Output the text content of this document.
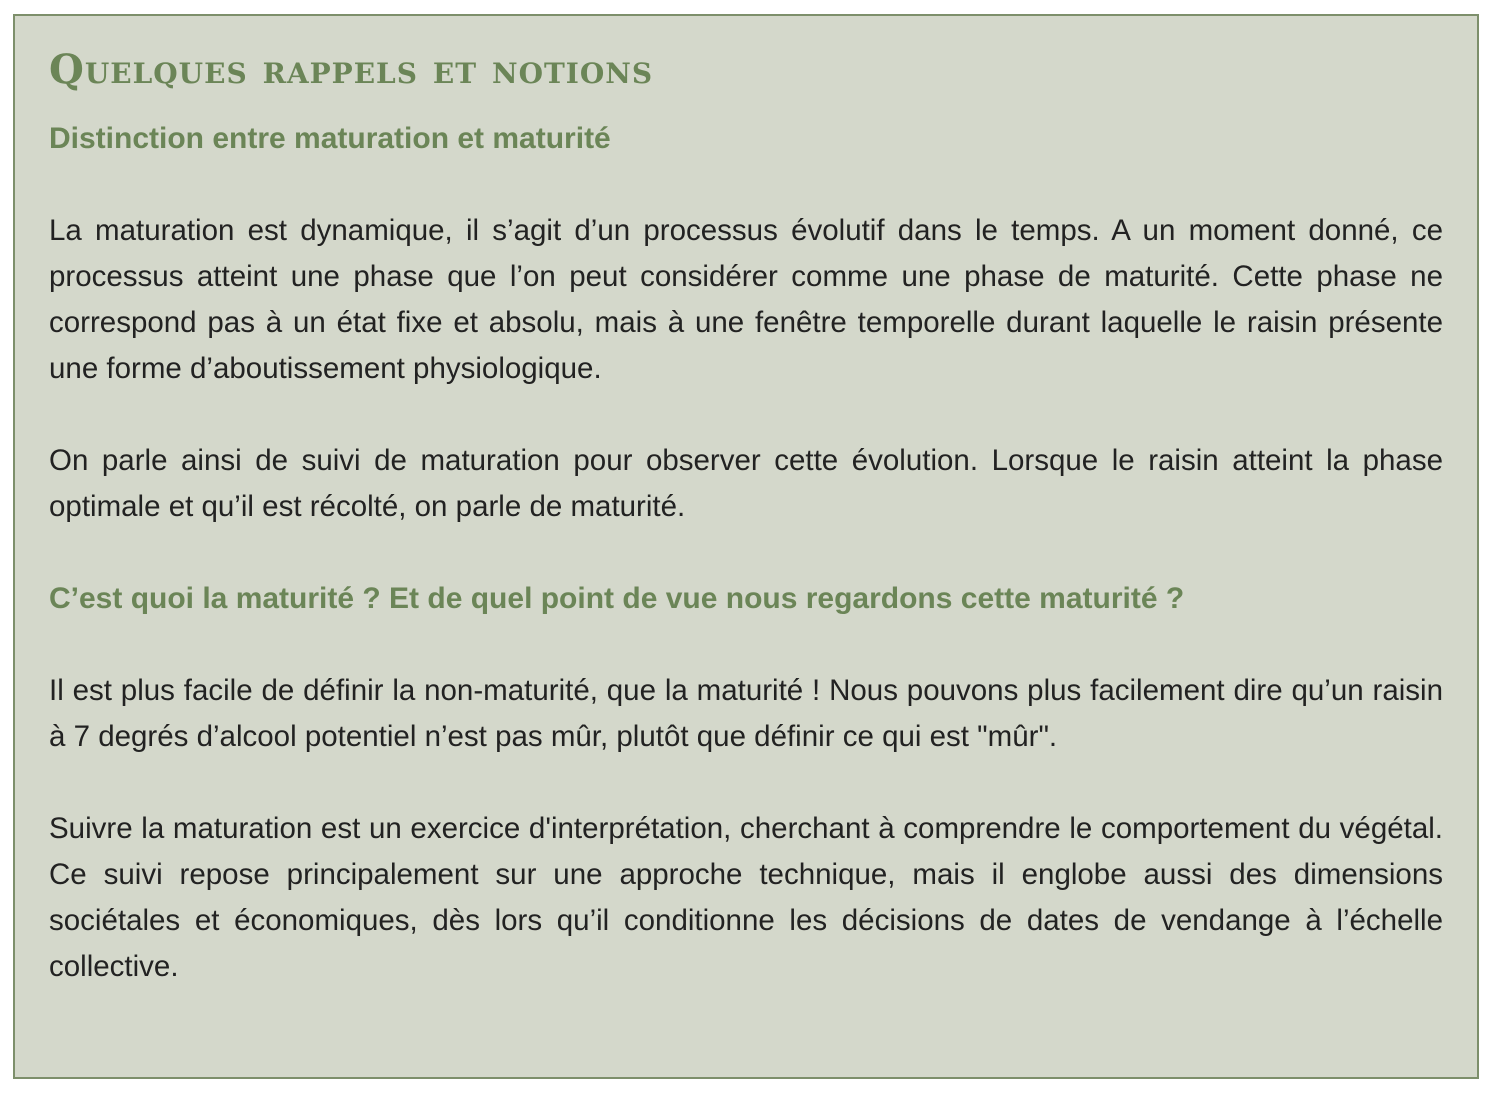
Quelques rappels et notions
Distinction entre maturation et maturité

La maturation est dynamique, il s’agit d’un processus évolutif dans le temps. A un moment donné, ce processus atteint une phase que l’on peut considérer comme une phase de maturité. Cette phase ne correspond pas à un état fixe et absolu, mais à une fenêtre temporelle durant laquelle le raisin présente une forme d’aboutissement physiologique.

On parle ainsi de suivi de maturation pour observer cette évolution. Lorsque le raisin atteint la phase optimale et qu’il est récolté, on parle de maturité.

C’est quoi la maturité ? Et de quel point de vue nous regardons cette maturité ?

Il est plus facile de définir la non-maturité, que la maturité ! Nous pouvons plus facilement dire qu’un raisin à 7 degrés d’alcool potentiel n’est pas mûr, plutôt que définir ce qui est "mûr".

Suivre la maturation est un exercice d'interprétation, cherchant à comprendre le comportement du végétal. Ce suivi repose principalement sur une approche technique, mais il englobe aussi des dimensions sociétales et économiques, dès lors qu’il conditionne les décisions de dates de vendange à l’échelle collective.
